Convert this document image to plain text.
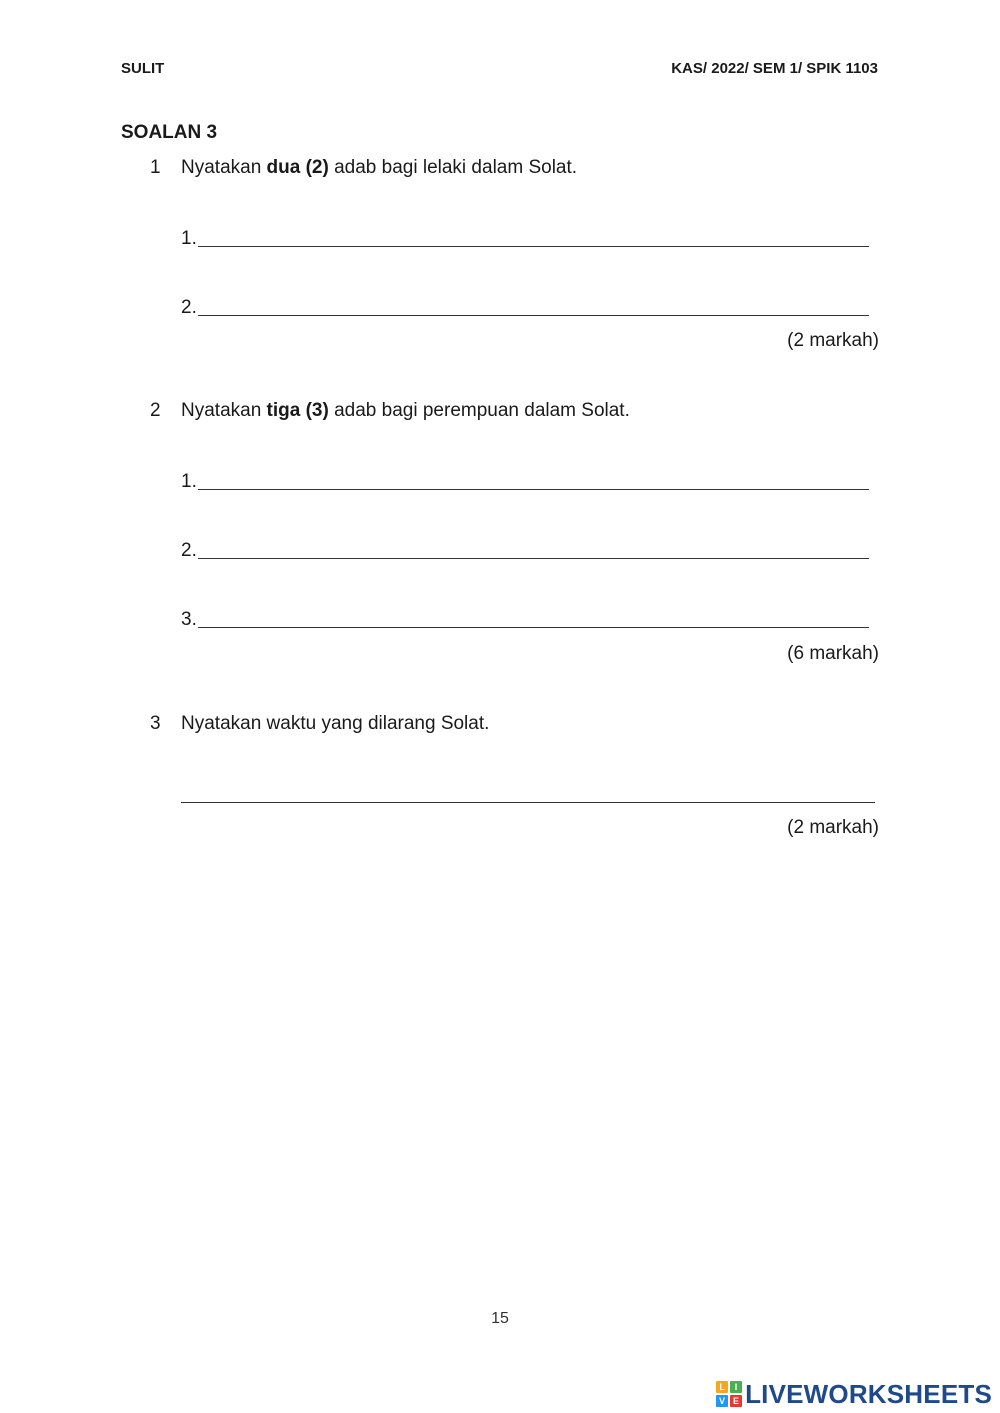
SULIT	KAS/ 2022/ SEM 1/ SPIK 1103
SOALAN 3
1 Nyatakan dua (2) adab bagi lelaki dalam Solat.
1.
2.
(2 markah)
2 Nyatakan tiga (3) adab bagi perempuan dalam Solat.
1.
2.
3.
(6 markah)
3 Nyatakan waktu yang dilarang Solat.
(2 markah)
15
L	I
V E LIVEWORKSHEETS
